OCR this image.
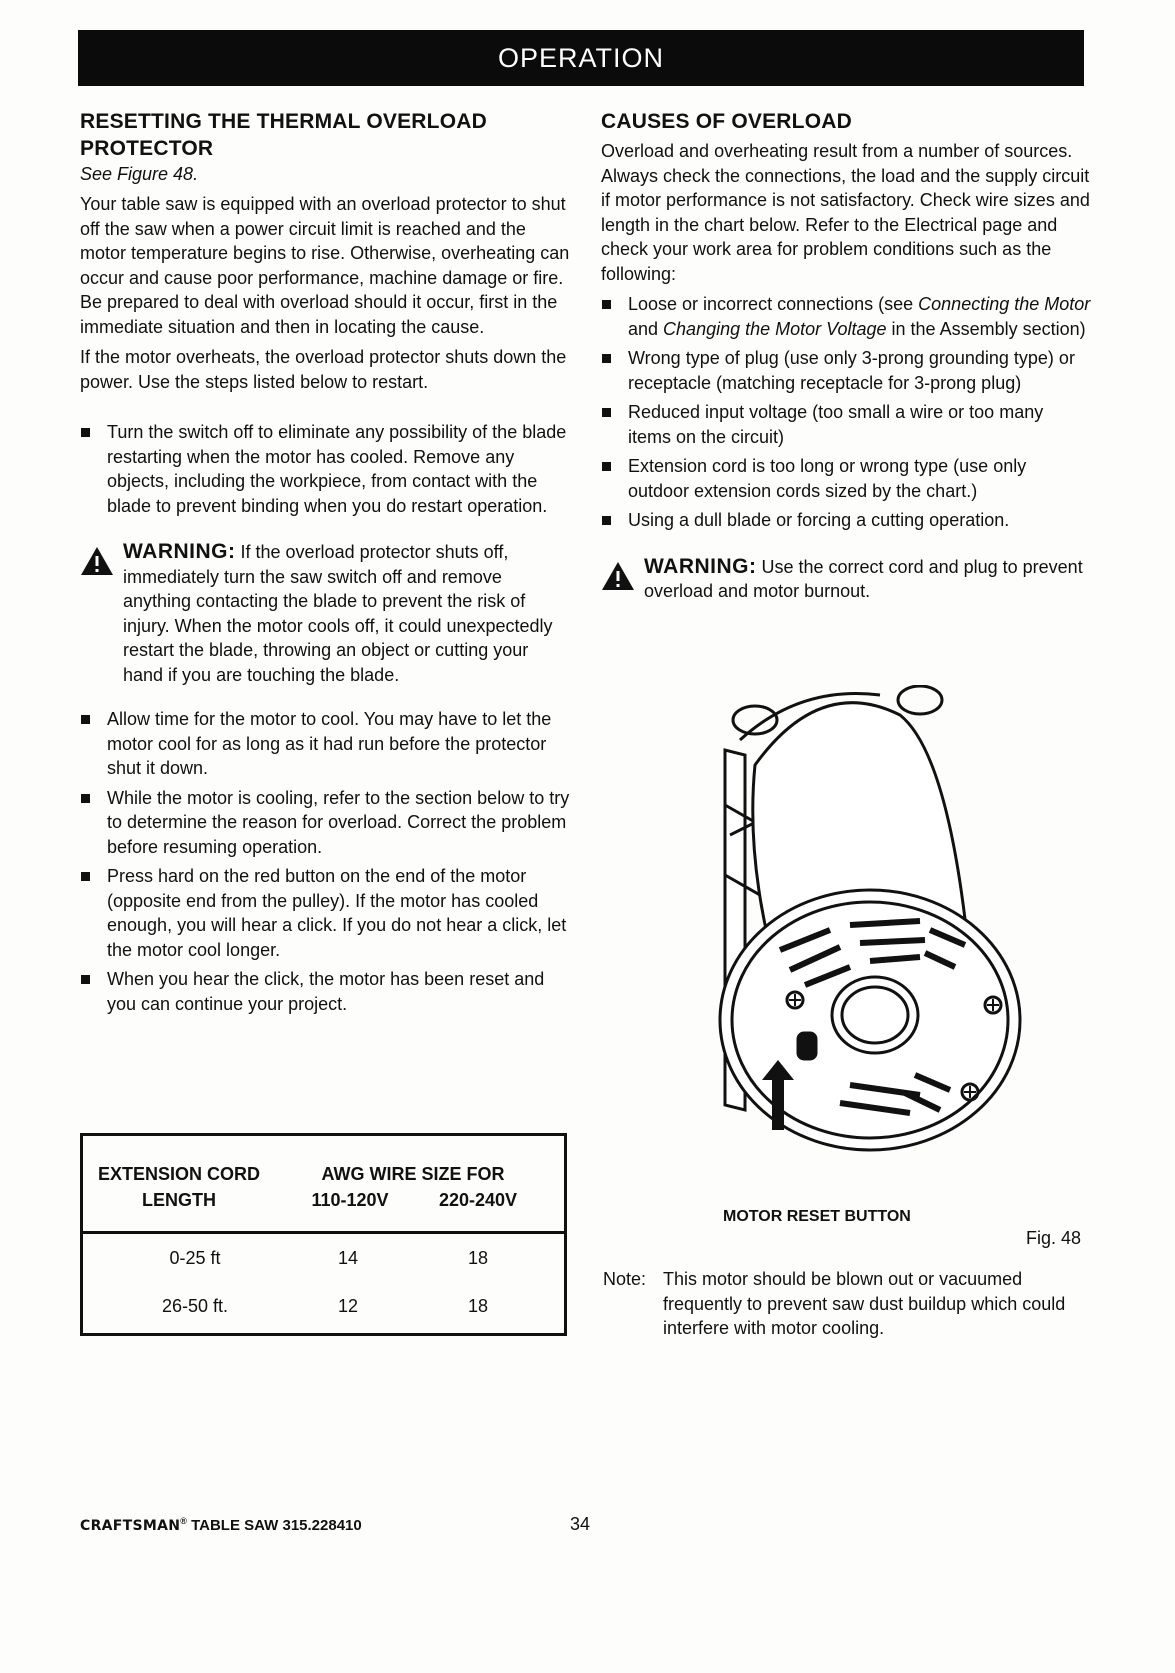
OPERATION
RESETTING THE THERMAL OVERLOAD PROTECTOR
See Figure 48.

Your table saw is equipped with an overload protector to shut off the saw when a power circuit limit is reached and the motor temperature begins to rise. Otherwise, overheating can occur and cause poor performance, machine damage or fire. Be prepared to deal with overload should it occur, first in the immediate situation and then in locating the cause.

If the motor overheats, the overload protector shuts down the power. Use the steps listed below to restart.

Turn the switch off to eliminate any possibility of the blade restarting when the motor has cooled. Remove any objects, including the workpiece, from contact with the blade to prevent binding when you do restart operation.
WARNING: If the overload protector shuts off, immediately turn the saw switch off and remove anything contacting the blade to prevent the risk of injury. When the motor cools off, it could unexpectedly restart the blade, throwing an object or cutting your hand if you are touching the blade.
Allow time for the motor to cool. You may have to let the motor cool for as long as it had run before the protector shut it down.
While the motor is cooling, refer to the section below to try to determine the reason for overload. Correct the problem before resuming operation.
Press hard on the red button on the end of the motor (opposite end from the pulley). If the motor has cooled enough, you will hear a click. If you do not hear a click, let the motor cool longer.
When you hear the click, the motor has been reset and you can continue your project.
EXTENSION CORD
LENGTH
AWG WIRE SIZE FOR
110-120V	220-240V
0-25 ft	14	18
26-50 ft.	12	18
CAUSES OF OVERLOAD

Overload and overheating result from a number of sources. Always check the connections, the load and the supply circuit if motor performance is not satisfactory. Check wire sizes and length in the chart below. Refer to the Electrical page and check your work area for problem conditions such as the following:

Loose or incorrect connections (see Connecting the Motor and Changing the Motor Voltage in the Assembly section)
Wrong type of plug (use only 3-prong grounding type) or receptacle (matching receptacle for 3-prong plug)
Reduced input voltage (too small a wire or too many items on the circuit)
Extension cord is too long or wrong type (use only outdoor extension cords sized by the chart.)
Using a dull blade or forcing a cutting operation.
WARNING: Use the correct cord and plug to prevent overload and motor burnout.
MOTOR RESET BUTTON
Fig. 48
Note: This motor should be blown out or vacuumed frequently to prevent saw dust buildup which could interfere with motor cooling.
CRAFTSMAN® TABLE SAW 315.228410	34
